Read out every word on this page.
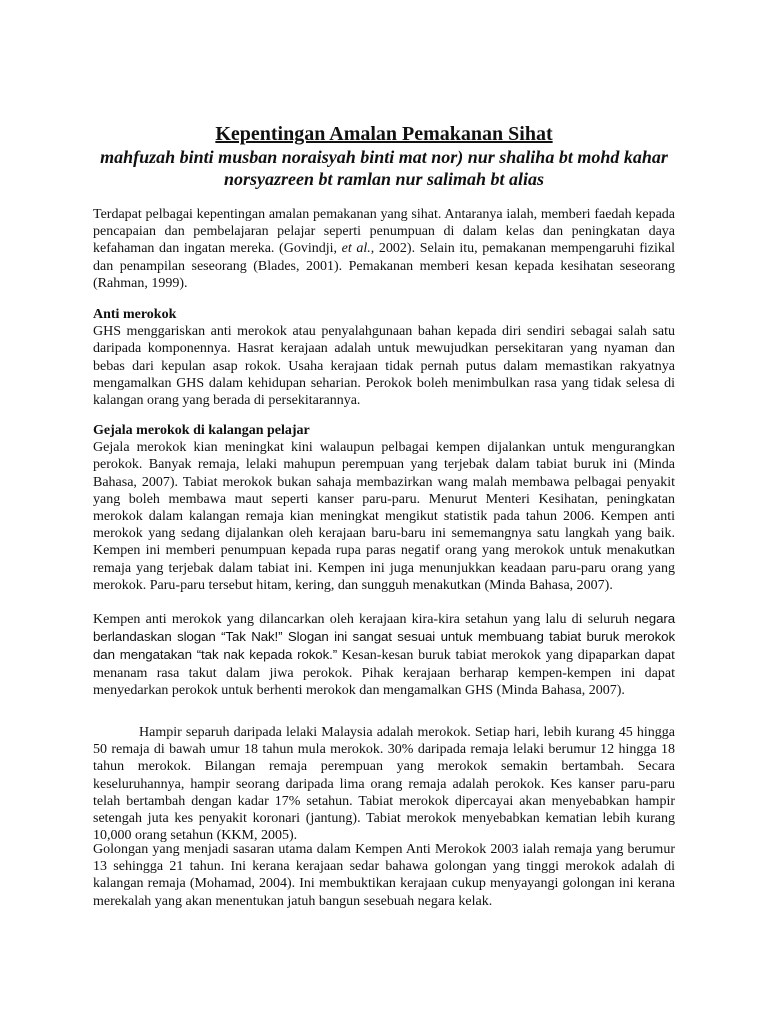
Kepentingan Amalan Pemakanan Sihat

mahfuzah binti musban noraisyah binti mat nor) nur shaliha bt mohd kahar norsyazreen bt ramlan nur salimah bt alias

Terdapat pelbagai kepentingan amalan pemakanan yang sihat. Antaranya ialah, memberi faedah kepada pencapaian dan pembelajaran pelajar seperti penumpuan di dalam kelas dan peningkatan daya kefahaman dan ingatan mereka. (Govindji, et al., 2002). Selain itu, pemakanan mempengaruhi fizikal dan penampilan seseorang (Blades, 2001). Pemakanan memberi kesan kepada kesihatan seseorang (Rahman, 1999).

Anti merokok
GHS menggariskan anti merokok atau penyalahgunaan bahan kepada diri sendiri sebagai salah satu daripada komponennya. Hasrat kerajaan adalah untuk mewujudkan persekitaran yang nyaman dan bebas dari kepulan asap rokok. Usaha kerajaan tidak pernah putus dalam memastikan rakyatnya mengamalkan GHS dalam kehidupan seharian. Perokok boleh menimbulkan rasa yang tidak selesa di kalangan orang yang berada di persekitarannya.
Gejala merokok di kalangan pelajar
Gejala merokok kian meningkat kini walaupun pelbagai kempen dijalankan untuk mengurangkan perokok. Banyak remaja, lelaki mahupun perempuan yang terjebak dalam tabiat buruk ini (Minda Bahasa, 2007). Tabiat merokok bukan sahaja membazirkan wang malah membawa pelbagai penyakit yang boleh membawa maut seperti kanser paru-paru. Menurut Menteri Kesihatan, peningkatan merokok dalam kalangan remaja kian meningkat mengikut statistik pada tahun 2006. Kempen anti merokok yang sedang dijalankan oleh kerajaan baru-baru ini sememangnya satu langkah yang baik. Kempen ini memberi penumpuan kepada rupa paras negatif orang yang merokok untuk menakutkan remaja yang terjebak dalam tabiat ini. Kempen ini juga menunjukkan keadaan paru-paru orang yang merokok. Paru-paru tersebut hitam, kering, dan sungguh menakutkan (Minda Bahasa, 2007).

Kempen anti merokok yang dilancarkan oleh kerajaan kira-kira setahun yang lalu di seluruh negara berlandaskan slogan “Tak Nak!” Slogan ini sangat sesuai untuk membuang tabiat buruk merokok dan mengatakan “tak nak kepada rokok.” Kesan-kesan buruk tabiat merokok yang dipaparkan dapat menanam rasa takut dalam jiwa perokok. Pihak kerajaan berharap kempen-kempen ini dapat menyedarkan perokok untuk berhenti merokok dan mengamalkan GHS (Minda Bahasa, 2007).

Hampir separuh daripada lelaki Malaysia adalah merokok. Setiap hari, lebih kurang 45 hingga 50 remaja di bawah umur 18 tahun mula merokok. 30% daripada remaja lelaki berumur 12 hingga 18 tahun merokok. Bilangan remaja perempuan yang merokok semakin bertambah. Secara keseluruhannya, hampir seorang daripada lima orang remaja adalah perokok. Kes kanser paru-paru telah bertambah dengan kadar 17% setahun. Tabiat merokok dipercayai akan menyebabkan hampir setengah juta kes penyakit koronari (jantung). Tabiat merokok menyebabkan kematian lebih kurang 10,000 orang setahun (KKM, 2005).

Golongan yang menjadi sasaran utama dalam Kempen Anti Merokok 2003 ialah remaja yang berumur 13 sehingga 21 tahun. Ini kerana kerajaan sedar bahawa golongan yang tinggi merokok adalah di kalangan remaja (Mohamad, 2004). Ini membuktikan kerajaan cukup menyayangi golongan ini kerana merekalah yang akan menentukan jatuh bangun sesebuah negara kelak.
